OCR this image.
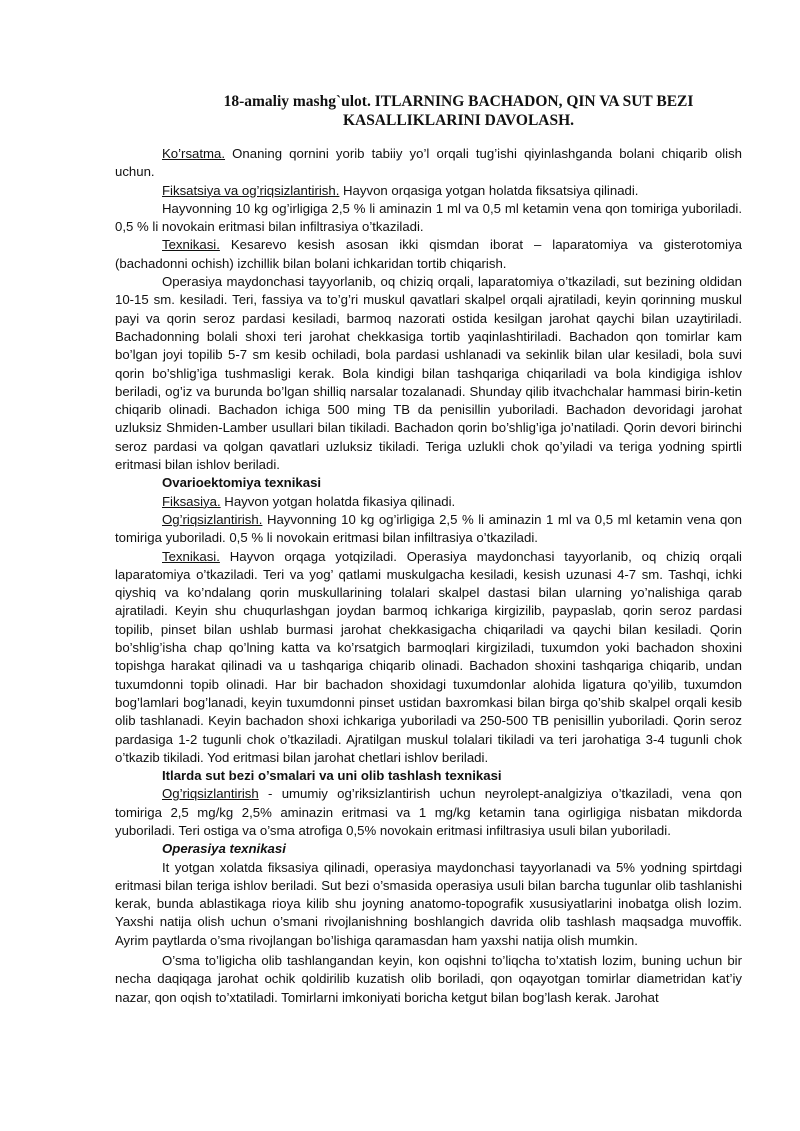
18-amaliy mashg`ulot. ITLARNING BACHADON, QIN VA SUT BEZI
KASALLIKLARINI DAVOLASH.

Ko’rsatma. Onaning qornini yorib tabiiy yo’l orqali tug’ishi qiyinlashganda bolani chiqarib olish uchun.

Fiksatsiya va og’riqsizlantirish. Hayvon orqasiga yotgan holatda fiksatsiya qilinadi.

Hayvonning 10 kg og’irligiga 2,5 % li aminazin 1 ml va 0,5 ml ketamin vena qon tomiriga yuboriladi. 0,5 % li novokain eritmasi bilan infiltrasiya o’tkaziladi.

Texnikasi. Kesarevo kesish asosan ikki qismdan iborat – laparatomiya va gisterotomiya (bachadonni ochish) izchillik bilan bolani ichkaridan tortib chiqarish.

Operasiya maydonchasi tayyorlanib, oq chiziq orqali, laparatomiya o’tkaziladi, sut bezining oldidan 10-15 sm. kesiladi. Teri, fassiya va to’g’ri muskul qavatlari skalpel orqali ajratiladi, keyin qorinning muskul payi va qorin seroz pardasi kesiladi, barmoq nazorati ostida kesilgan jarohat qaychi bilan uzaytiriladi. Bachadonning bolali shoxi teri jarohat chekkasiga tortib yaqinlashtiriladi. Bachadon qon tomirlar kam bo’lgan joyi topilib 5-7 sm kesib ochiladi, bola pardasi ushlanadi va sekinlik bilan ular kesiladi, bola suvi qorin bo’shlig’iga tushmasligi kerak. Bola kindigi bilan tashqariga chiqariladi va bola kindigiga ishlov beriladi, og’iz va burunda bo’lgan shilliq narsalar tozalanadi. Shunday qilib itvachchalar hammasi birin-ketin chiqarib olinadi. Bachadon ichiga 500 ming TB da penisillin yuboriladi. Bachadon devoridagi jarohat uzluksiz Shmiden-Lamber usullari bilan tikiladi. Bachadon qorin bo’shlig’iga jo’natiladi. Qorin devori birinchi seroz pardasi va qolgan qavatlari uzluksiz tikiladi. Teriga uzlukli chok qo’yiladi va teriga yodning spirtli eritmasi bilan ishlov beriladi.

Ovarioektomiya texnikasi

Fiksasiya. Hayvon yotgan holatda fikasiya qilinadi.

Og’riqsizlantirish. Hayvonning 10 kg og’irligiga 2,5 % li aminazin 1 ml va 0,5 ml ketamin vena qon tomiriga yuboriladi. 0,5 % li novokain eritmasi bilan infiltrasiya o’tkaziladi.

Texnikasi. Hayvon orqaga yotqiziladi. Operasiya maydonchasi tayyorlanib, oq chiziq orqali laparatomiya o’tkaziladi. Teri va yog’ qatlami muskulgacha kesiladi, kesish uzunasi 4-7 sm. Tashqi, ichki qiyshiq va ko’ndalang qorin muskullarining tolalari skalpel dastasi bilan ularning yo’nalishiga qarab ajratiladi. Keyin shu chuqurlashgan joydan barmoq ichkariga kirgizilib, paypaslab, qorin seroz pardasi topilib, pinset bilan ushlab burmasi jarohat chekkasigacha chiqariladi va qaychi bilan kesiladi. Qorin bo’shlig’isha chap qo’lning katta va ko’rsatgich barmoqlari kirgiziladi, tuxumdon yoki bachadon shoxini topishga harakat qilinadi va u tashqariga chiqarib olinadi. Bachadon shoxini tashqariga chiqarib, undan tuxumdonni topib olinadi. Har bir bachadon shoxidagi tuxumdonlar alohida ligatura qo’yilib, tuxumdon bog’lamlari bog’lanadi, keyin tuxumdonni pinset ustidan baxromkasi bilan birga qo’shib skalpel orqali kesib olib tashlanadi. Keyin bachadon shoxi ichkariga yuboriladi va 250-500 TB penisillin yuboriladi. Qorin seroz pardasiga 1-2 tugunli chok o’tkaziladi. Ajratilgan muskul tolalari tikiladi va teri jarohatiga 3-4 tugunli chok o’tkazib tikiladi. Yod eritmasi bilan jarohat chetlari ishlov beriladi.

Itlarda sut bezi o’smalari va uni olib tashlash texnikasi

Og’riqsizlantirish - umumiy og’riksizlantirish uchun neyrolept-analgiziya o’tkaziladi, vena qon tomiriga 2,5 mg/kg 2,5% aminazin eritmasi va 1 mg/kg ketamin tana ogirligiga nisbatan mikdorda yuboriladi. Teri ostiga va o’sma atrofiga 0,5% novokain eritmasi infiltrasiya usuli bilan yuboriladi.

Operasiya texnikasi

It yotgan xolatda fiksasiya qilinadi, operasiya maydonchasi tayyorlanadi va 5% yodning spirtdagi eritmasi bilan teriga ishlov beriladi. Sut bezi o’smasida operasiya usuli bilan barcha tugunlar olib tashlanishi kerak, bunda ablastikaga rioya kilib shu joyning anatomo-topografik xususiyatlarini inobatga olish lozim. Yaxshi natija olish uchun o’smani rivojlanishning boshlangich davrida olib tashlash maqsadga muvoffik. Ayrim paytlarda o’sma rivojlangan bo’lishiga qaramasdan ham yaxshi natija olish mumkin.

O’sma to’ligicha olib tashlangandan keyin, kon oqishni to’liqcha to’xtatish lozim, buning uchun bir necha daqiqaga jarohat ochik qoldirilib kuzatish olib boriladi, qon oqayotgan tomirlar diametridan kat’iy nazar, qon oqish to’xtatiladi. Tomirlarni imkoniyati boricha ketgut bilan bog’lash kerak. Jarohat
